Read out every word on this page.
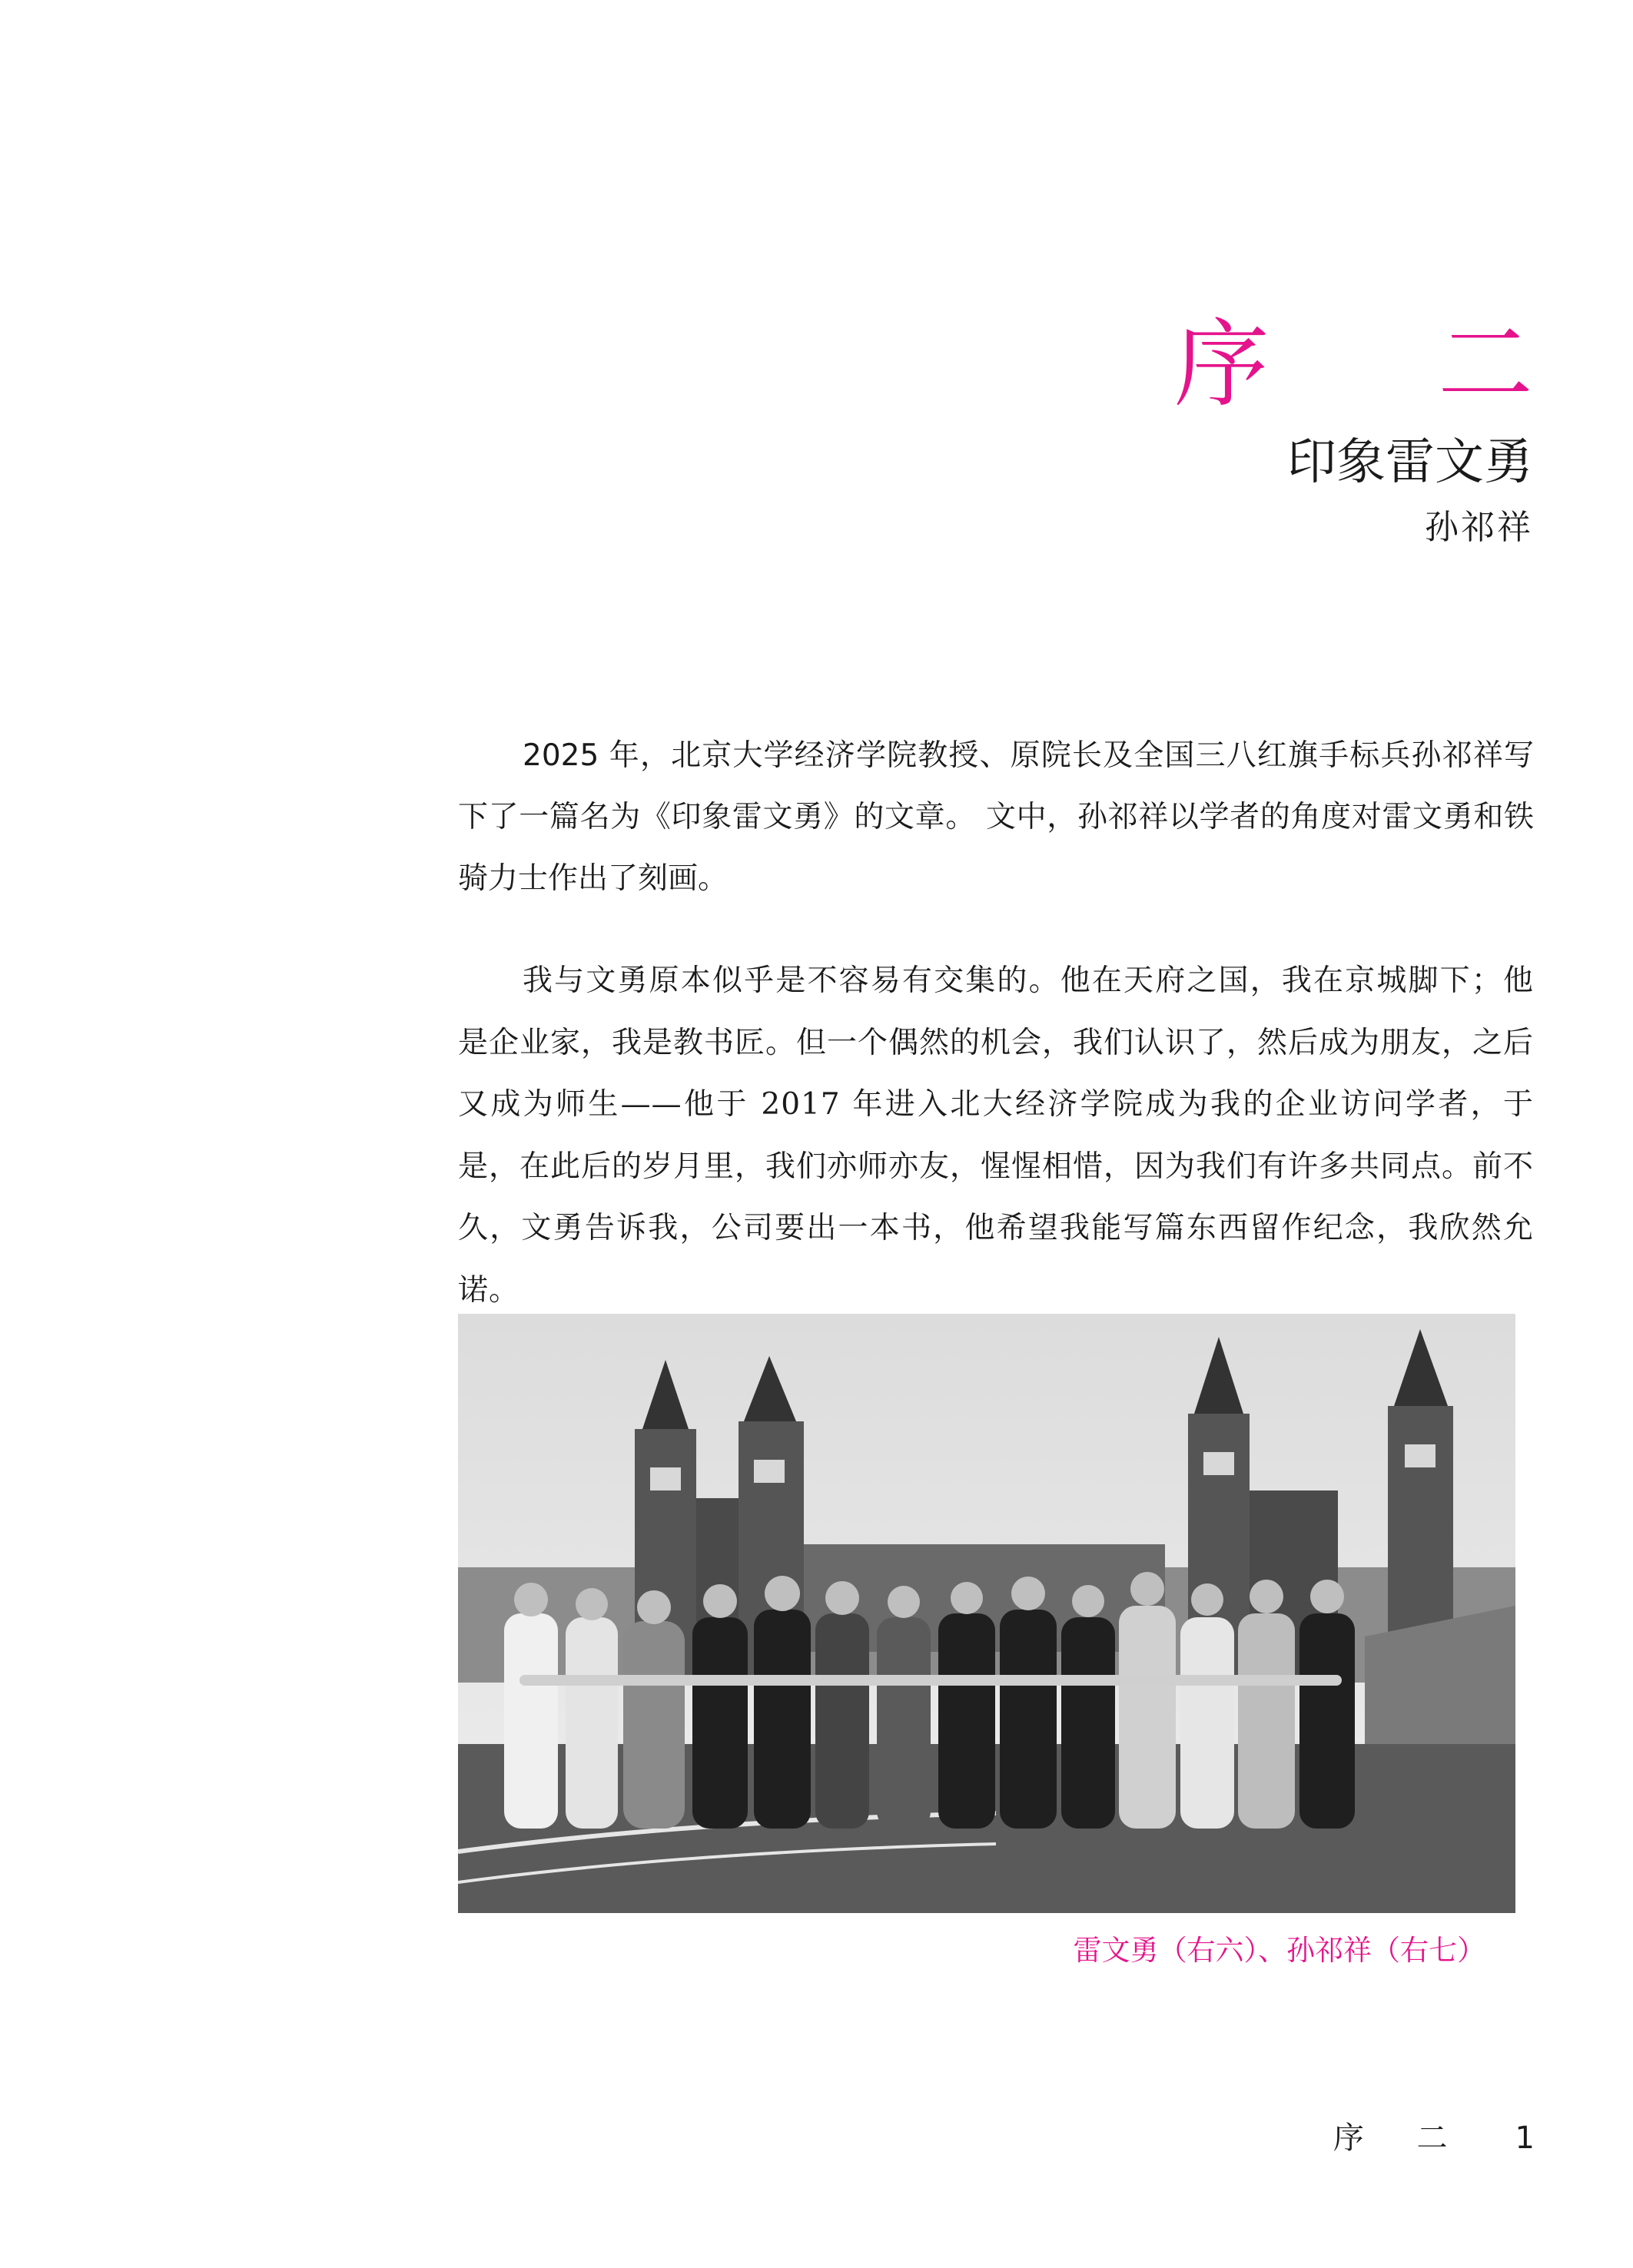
序 二
印象雷文勇
孙祁祥

2025 年，北京大学经济学院教授、原院长及全国三八红旗手标兵孙祁祥写下了一篇名为《印象雷文勇》的文章。 文中，孙祁祥以学者的角度对雷文勇和铁骑力士作出了刻画。

我与文勇原本似乎是不容易有交集的。他在天府之国，我在京城脚下；他是企业家，我是教书匠。但一个偶然的机会，我们认识了，然后成为朋友，之后又成为师生——他于 2017 年进入北大经济学院成为我的企业访问学者，于是，在此后的岁月里，我们亦师亦友，惺惺相惜，因为我们有许多共同点。前不久，文勇告诉我，公司要出一本书，他希望我能写篇东西留作纪念，我欣然允诺。

雷文勇（右六）、孙祁祥（右七）
序 二 1
